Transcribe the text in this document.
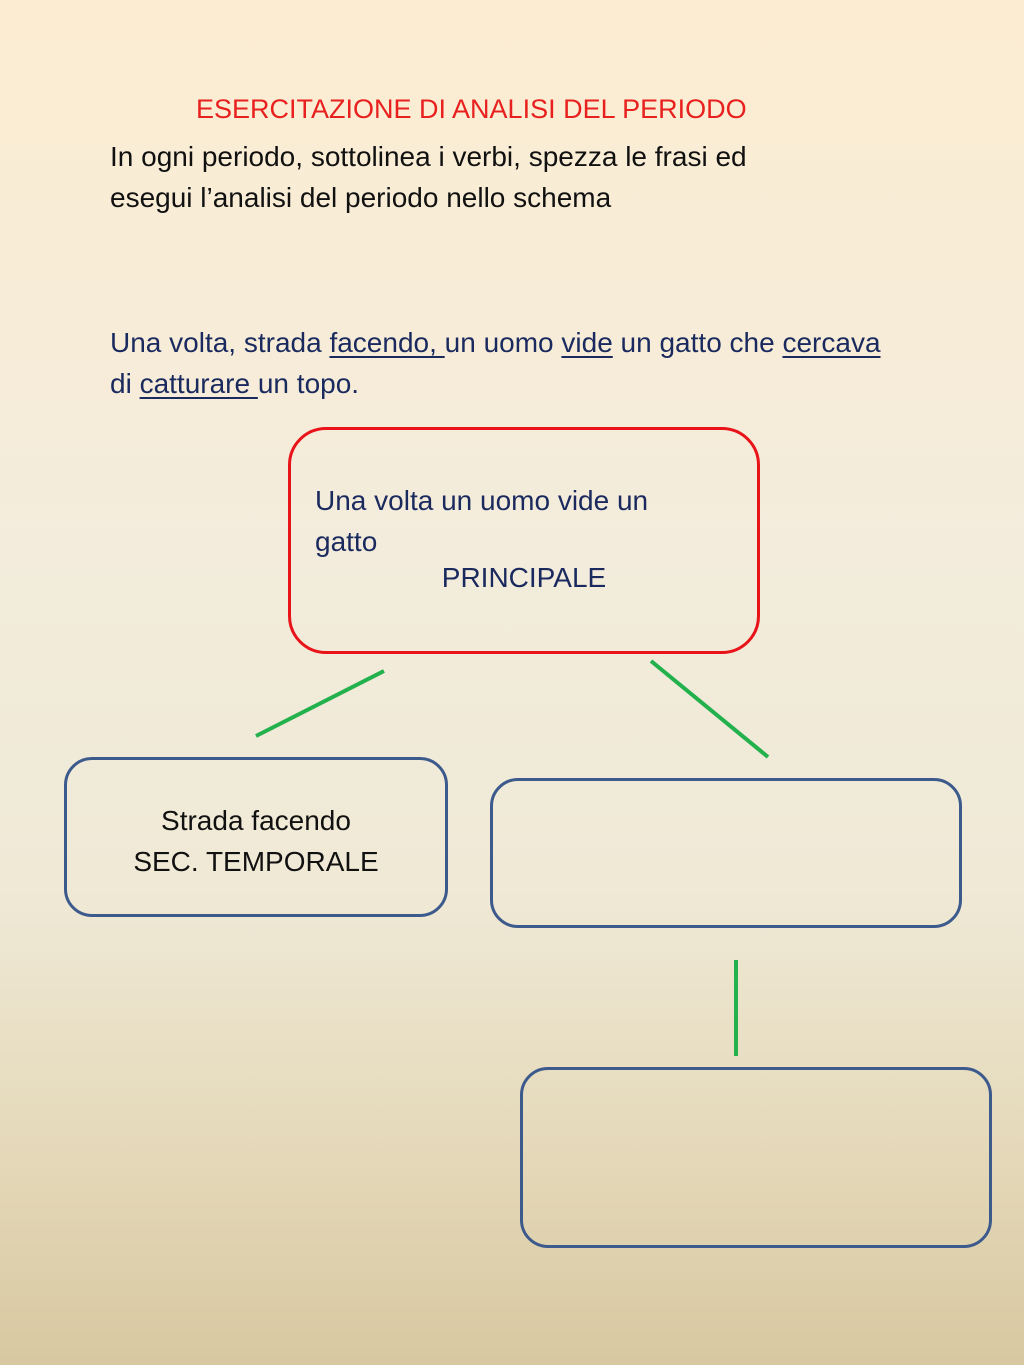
ESERCITAZIONE DI ANALISI DEL PERIODO
In ogni periodo, sottolinea i verbi, spezza le frasi ed
esegui l’analisi del periodo nello schema
Una volta, strada facendo, un uomo vide un gatto che cercava
di catturare un topo.
Una volta un uomo vide un gatto
PRINCIPALE
Strada facendo
SEC. TEMPORALE
